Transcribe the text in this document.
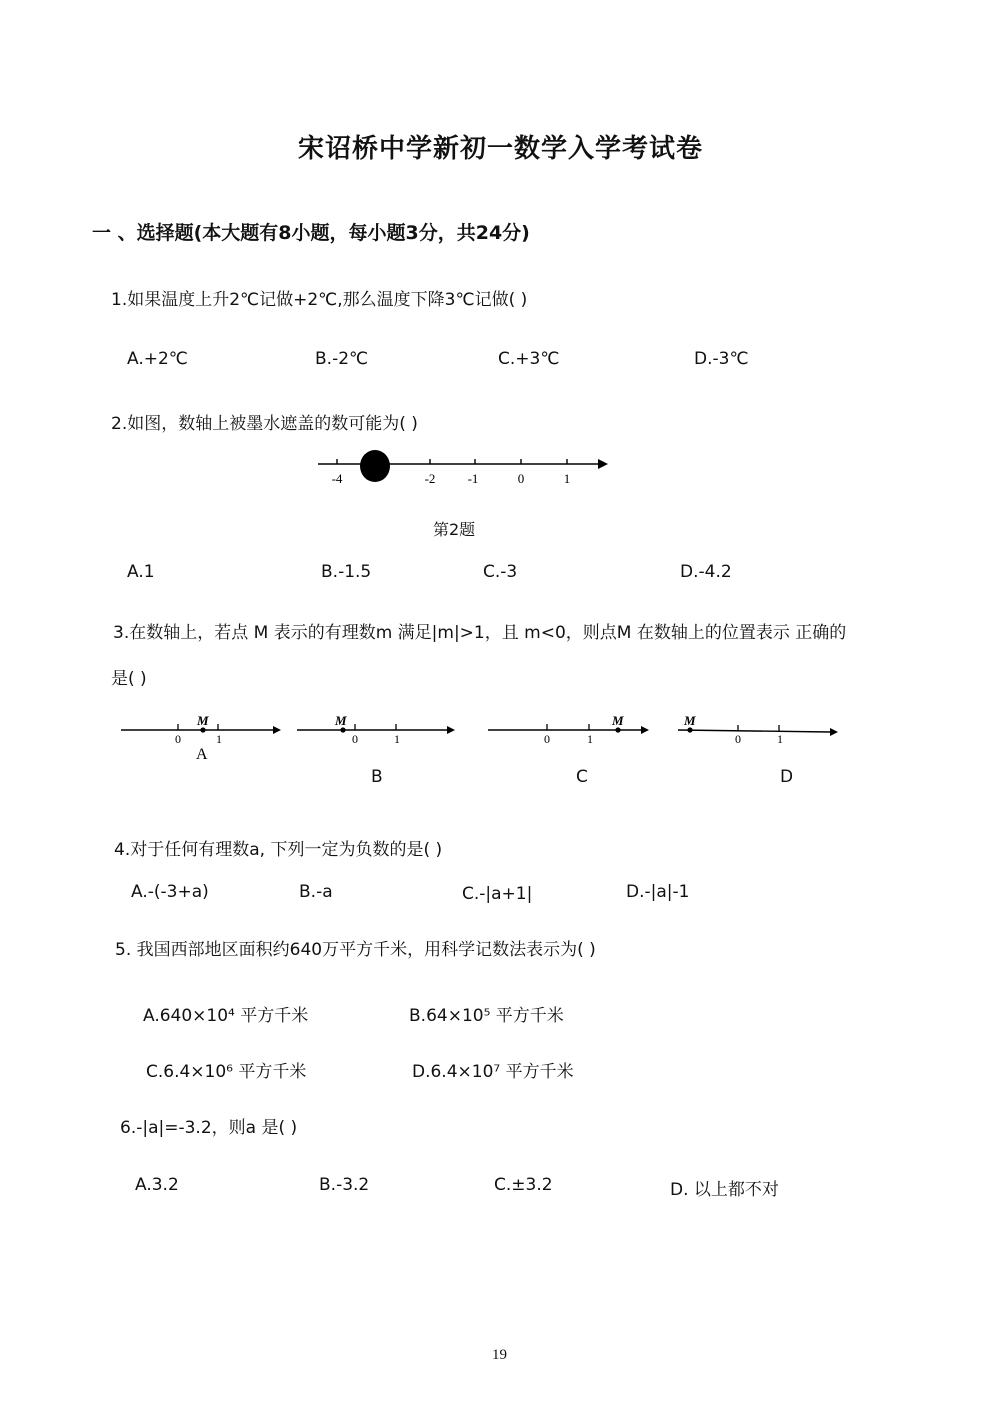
宋诏桥中学新初一数学入学考试卷
一 、选择题(本大题有8小题，每小题3分，共24分)
1.如果温度上升2℃记做+2℃,那么温度下降3℃记做( )
A.+2℃	B.-2℃	C.+3℃	D.-3℃
2.如图，数轴上被墨水遮盖的数可能为( )
-4	-2 -1	0	1
第2题
A.1	B.-1.5	C.-3	D.-4.2
3.在数轴上，若点 M 表示的有理数m 满足|m|>1，且 m<0，则点M 在数轴上的位置表示 正确的
是( )
M
0	1
A
M
0	1
M
0	1
M
0	1
B	C	D
4.对于任何有理数a, 下列一定为负数的是( )
A.-(-3+a)	B.-a	C.-|a+1|	D.-|a|-1
5. 我国西部地区面积约640万平方千米，用科学记数法表示为( )
A.640×10⁴ 平方千米	B.64×10⁵ 平方千米
C.6.4×10⁶ 平方千米	D.6.4×10⁷ 平方千米
6.-|a|=-3.2，则a 是( )
A.3.2	B.-3.2	C.±3.2	D. 以上都不对
19
